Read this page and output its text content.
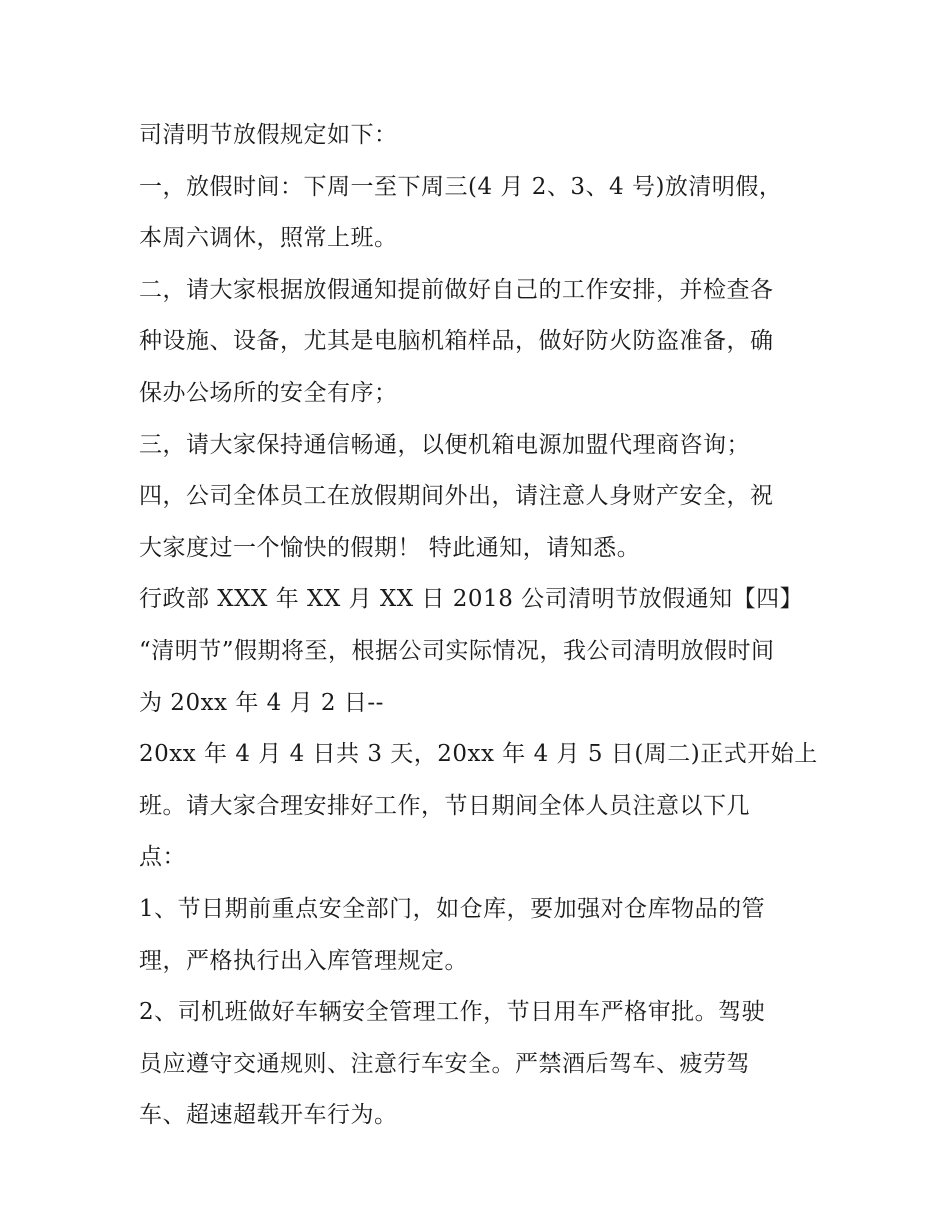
司清明节放假规定如下：
一，放假时间：下周一至下周三(4 月 2、3、4 号)放清明假，
本周六调休，照常上班。
二，请大家根据放假通知提前做好自己的工作安排，并检查各
种设施、设备，尤其是电脑机箱样品，做好防火防盗准备，确
保办公场所的安全有序；
三，请大家保持通信畅通，以便机箱电源加盟代理商咨询；
四，公司全体员工在放假期间外出，请注意人身财产安全，祝
大家度过一个愉快的假期！ 特此通知，请知悉。
行政部 XXX 年 XX 月 XX 日 2018 公司清明节放假通知【四】
“清明节”假期将至，根据公司实际情况，我公司清明放假时间
为 20xx 年 4 月 2 日--
20xx 年 4 月 4 日共 3 天，20xx 年 4 月 5 日(周二)正式开始上
班。请大家合理安排好工作，节日期间全体人员注意以下几
点：
1、节日期前重点安全部门，如仓库，要加强对仓库物品的管
理，严格执行出入库管理规定。
2、司机班做好车辆安全管理工作，节日用车严格审批。驾驶
员应遵守交通规则、注意行车安全。严禁酒后驾车、疲劳驾
车、超速超载开车行为。
